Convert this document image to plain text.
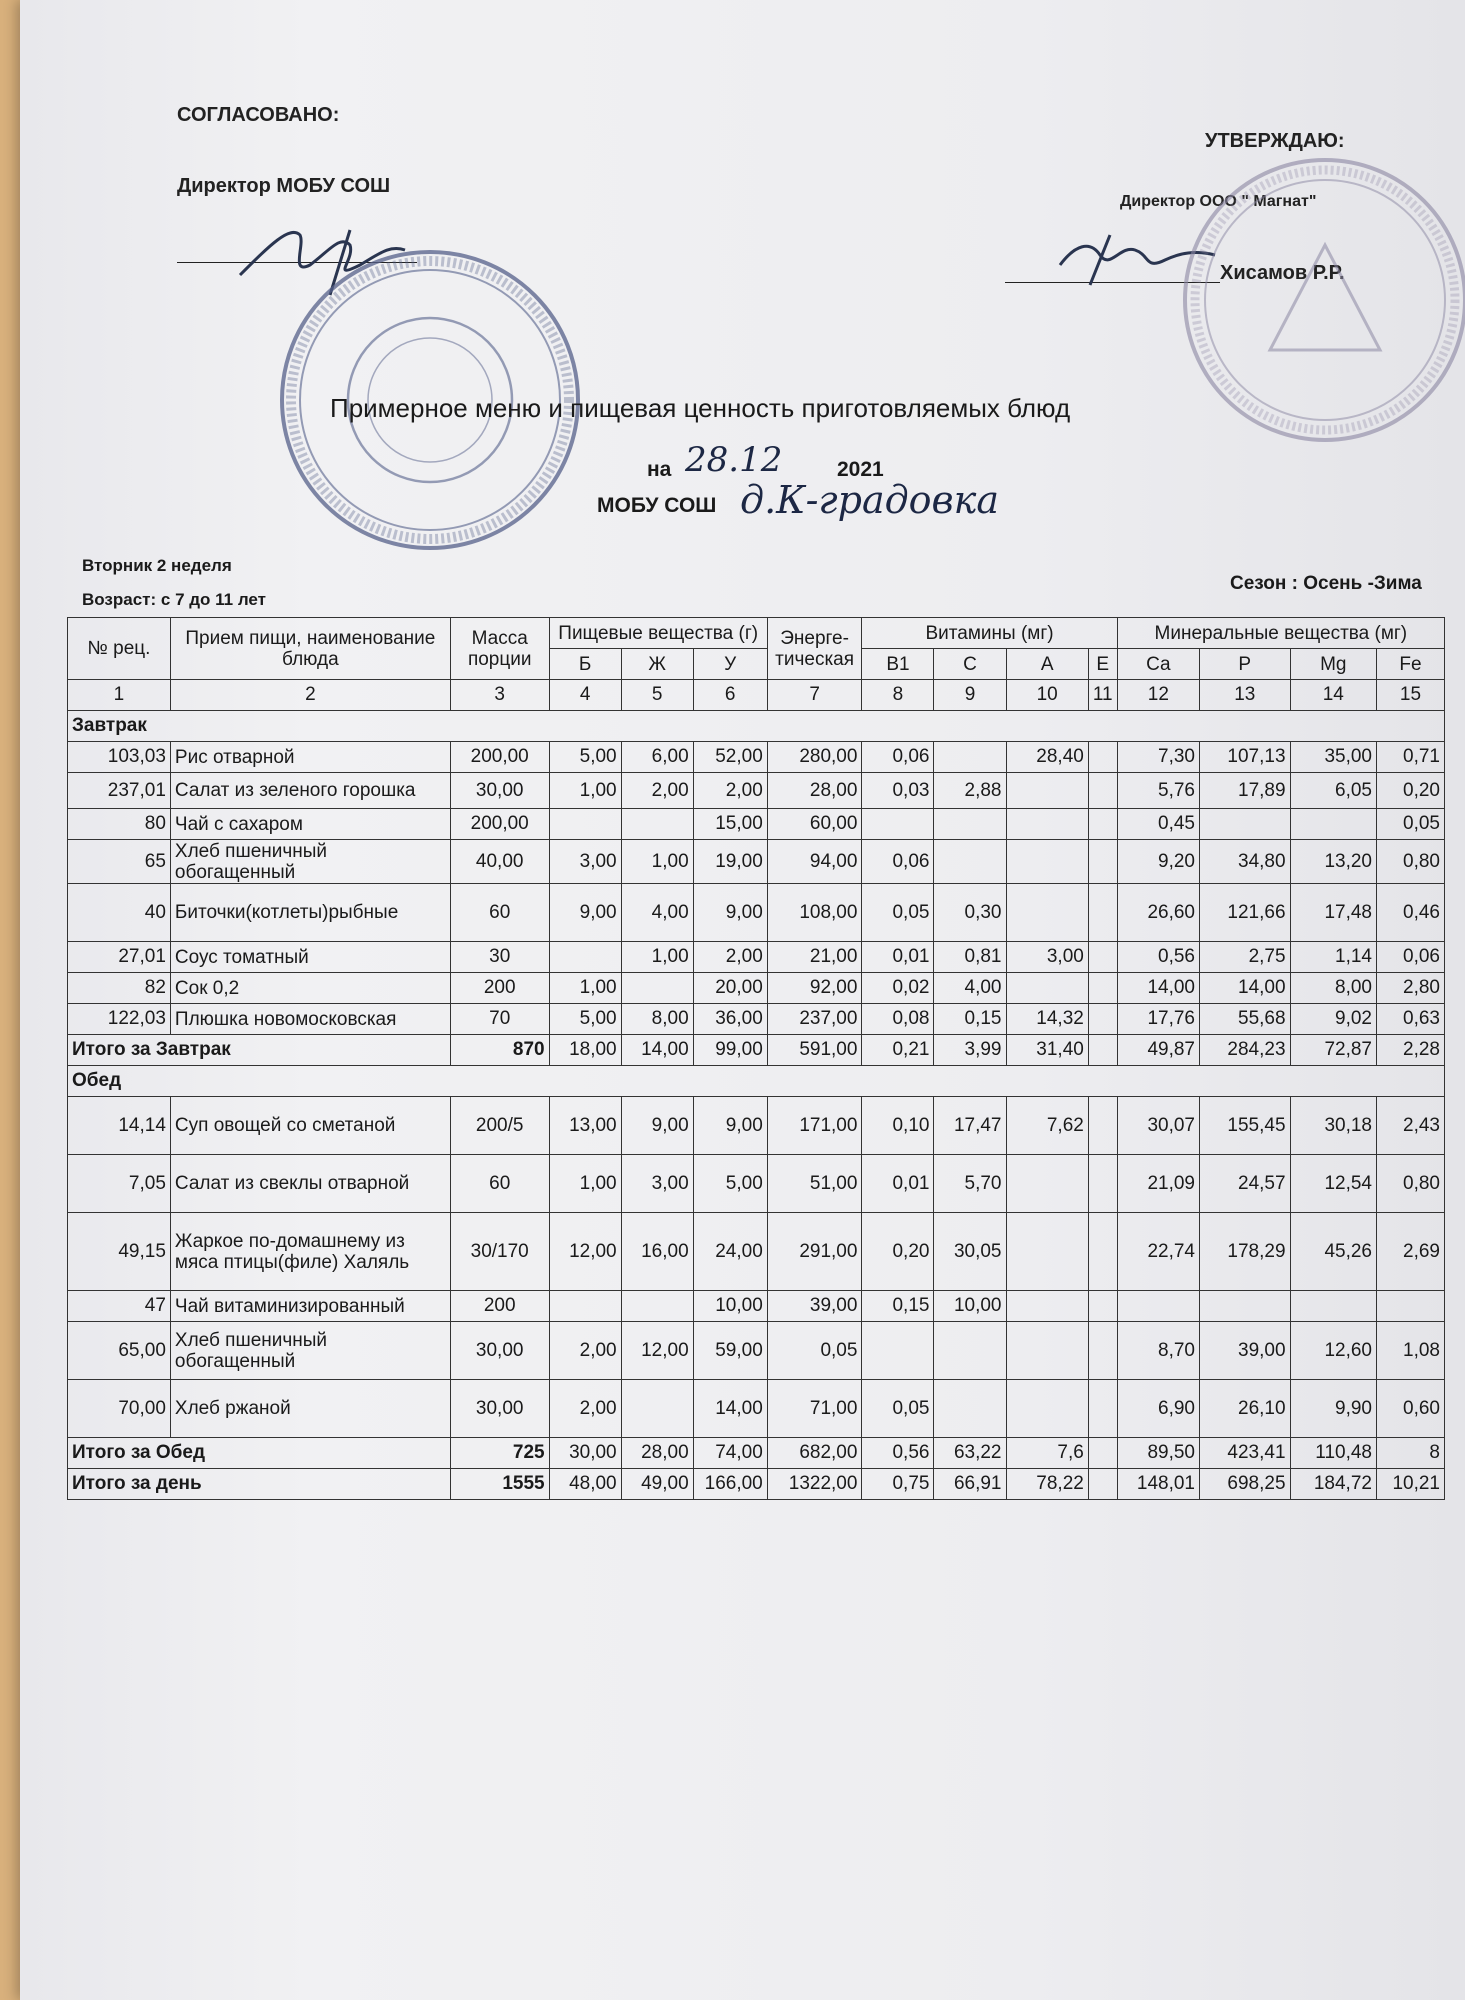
СОГЛАСОВАНО:
Директор МОБУ СОШ
УТВЕРЖДАЮ:
Директор ООО " Магнат"
Хисамов Р.Р.
Примерное меню и пищевая ценность приготовляемых блюд
на 28.12	2021
МОБУ СОШ д.К-градовка
Вторник 2 неделя
Возраст: с 7 до 11 лет
Сезон : Осень -Зима
№ рец.	Прием пищи, наименование блюда	Масса порции	Пищевые вещества (г)			Энерге-тическая	Витамины (мг)				Минеральные вещества (мг)			
			Б	Ж	У		В1	С	А	Е	Са	Р	Мg	Fe
1	2	3	4	5	6	7	8	9	10	11	12	13	14	15
Завтрак														
103,03	Рис отварной	200,00	5,00	6,00	52,00	280,00	0,06		28,40		7,30	107,13	35,00	0,71
237,01	Салат из зеленого горошка	30,00	1,00	2,00	2,00	28,00	0,03	2,88			5,76	17,89	6,05	0,20
80	Чай с сахаром	200,00			15,00	60,00					0,45			0,05
65	Хлеб пшеничный обогащенный	40,00	3,00	1,00	19,00	94,00	0,06				9,20	34,80	13,20	0,80
40	Биточки(котлеты)рыбные	60	9,00	4,00	9,00	108,00	0,05	0,30			26,60	121,66	17,48	0,46
27,01	Соус томатный	30		1,00	2,00	21,00	0,01	0,81	3,00		0,56	2,75	1,14	0,06
82	Сок 0,2	200	1,00		20,00	92,00	0,02	4,00			14,00	14,00	8,00	2,80
122,03	Плюшка новомосковская	70	5,00	8,00	36,00	237,00	0,08	0,15	14,32		17,76	55,68	9,02	0,63
Итого за Завтрак		870	18,00	14,00	99,00	591,00	0,21	3,99	31,40		49,87	284,23	72,87	2,28
Обед														
14,14	Суп овощей со сметаной	200/5	13,00	9,00	9,00	171,00	0,10	17,47	7,62		30,07	155,45	30,18	2,43
7,05	Салат из свеклы отварной	60	1,00	3,00	5,00	51,00	0,01	5,70			21,09	24,57	12,54	0,80
49,15	Жаркое по-домашнему из мяса птицы(филе) Халяль	30/170	12,00	16,00	24,00	291,00	0,20	30,05			22,74	178,29	45,26	2,69
47	Чай витаминизированный	200			10,00	39,00	0,15	10,00						
65,00	Хлеб пшеничный обогащенный	30,00	2,00	12,00	59,00	0,05					8,70	39,00	12,60	1,08
70,00	Хлеб ржаной	30,00	2,00		14,00	71,00	0,05				6,90	26,10	9,90	0,60
Итого за Обед		725	30,00	28,00	74,00	682,00	0,56	63,22	7,6		89,50	423,41	110,48	8
Итого за день		1555	48,00	49,00	166,00	1322,00	0,75	66,91	78,22		148,01	698,25	184,72	10,21
